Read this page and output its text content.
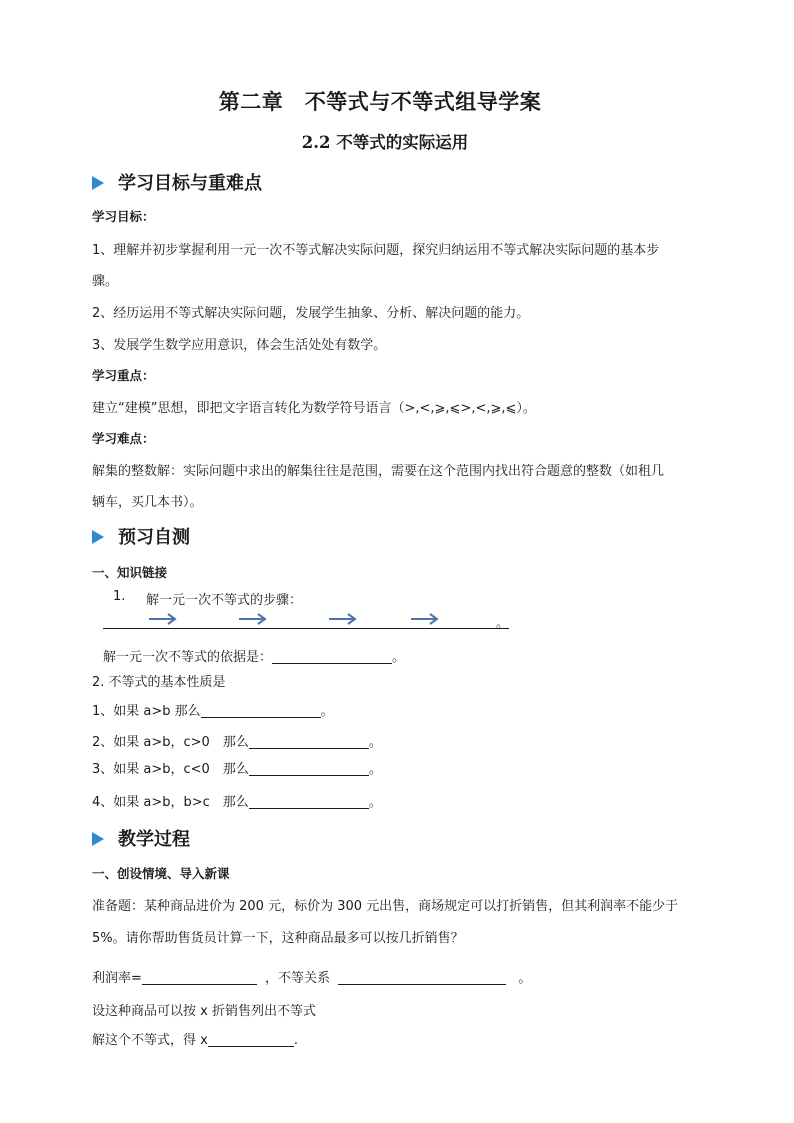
第二章　不等式与不等式组导学案
2.2 不等式的实际运用
学习目标与重难点
学习目标：
1、理解并初步掌握利用一元一次不等式解决实际问题，探究归纳运用不等式解决实际问题的基本步
骤。
2、经历运用不等式解决实际问题，发展学生抽象、分析、解决问题的能力。
3、发展学生数学应用意识，体会生活处处有数学。
学习重点：
建立“建模”思想，即把文字语言转化为数学符号语言（>,<,⩾,⩽>,<,⩾,⩽）。
学习难点：
解集的整数解：实际问题中求出的解集往往是范围，需要在这个范围内找出符合题意的整数（如租几
辆车，买几本书）。
预习自测
一、知识链接
1. 解一元一次不等式的步骤：
。
解一元一次不等式的依据是：	。
2. 不等式的基本性质是
1、如果 a>b 那么	。
2、如果 a>b，c>0　那么	。
3、如果 a>b，c<0　那么	。
4、如果 a>b，b>c　那么	。
教学过程
一、创设情境、导入新课
准备题：某种商品进价为 200 元，标价为 300 元出售，商场规定可以打折销售，但其利润率不能少于
5%。请你帮助售货员计算一下，这种商品最多可以按几折销售？
利润率=	，不等关系	。
设这种商品可以按 x 折销售列出不等式
解这个不等式，得 x	.
